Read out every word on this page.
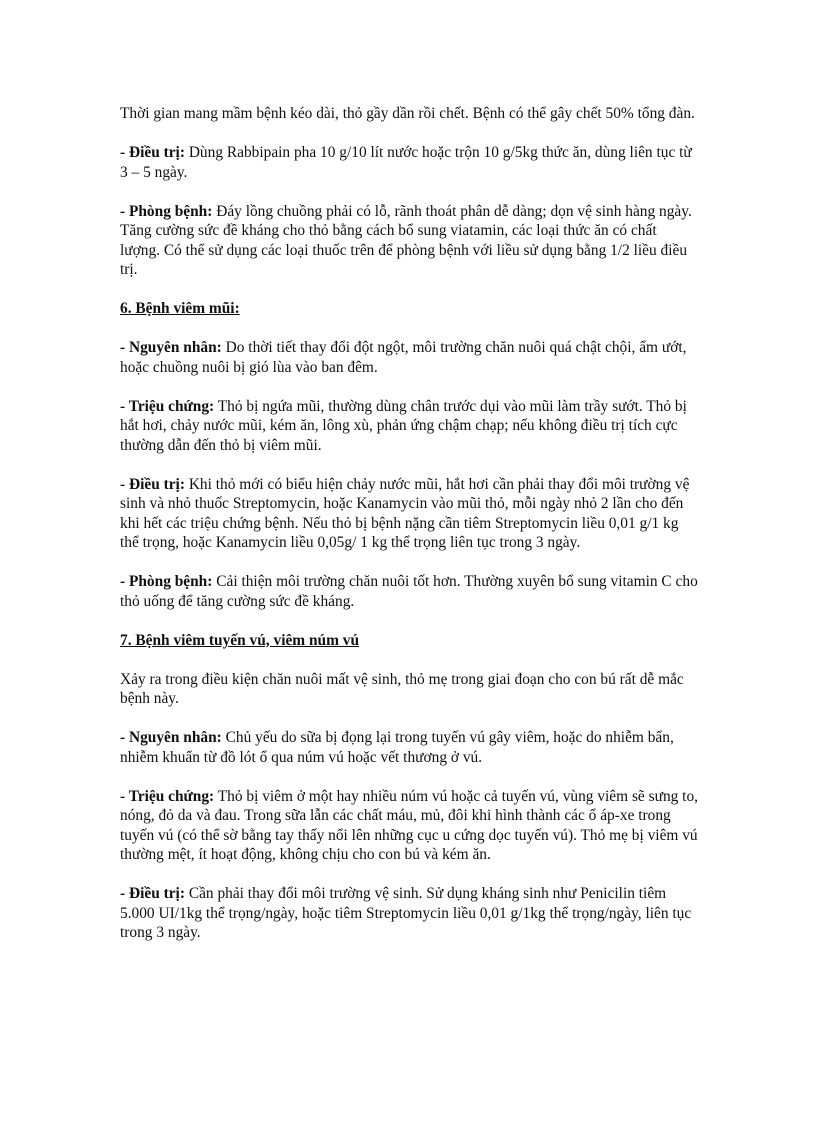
Thời gian mang mầm bệnh kéo dài, thỏ gầy dần rồi chết. Bệnh có thể gây chết 50% tổng đàn.

- Điều trị: Dùng Rabbipain pha 10 g/10 lít nước hoặc trộn 10 g/5kg thức ăn, dùng liên tục từ 3 – 5 ngày.

- Phòng bệnh: Đáy lồng chuồng phải có lỗ, rãnh thoát phân dễ dàng; dọn vệ sinh hàng ngày. Tăng cường sức đề kháng cho thỏ bằng cách bổ sung viatamin, các loại thức ăn có chất lượng. Có thể sử dụng các loại thuốc trên để phòng bệnh với liều sử dụng bằng 1/2 liều điều trị.

6. Bệnh viêm mũi:

- Nguyên nhân: Do thời tiết thay đổi đột ngột, môi trường chăn nuôi quá chật chội, ẩm ướt, hoặc chuồng nuôi bị gió lùa vào ban đêm.

- Triệu chứng: Thỏ bị ngứa mũi, thường dùng chân trước dụi vào mũi làm trầy sướt. Thỏ bị hắt hơi, chảy nước mũi, kém ăn, lông xù, phản ứng chậm chạp; nếu không điều trị tích cực thường dẫn đến thỏ bị viêm mũi.

- Điều trị: Khi thỏ mới có biểu hiện chảy nước mũi, hắt hơi cần phải thay đổi môi trường vệ sinh và nhỏ thuốc Streptomycin, hoặc Kanamycin vào mũi thỏ, mỗi ngày nhỏ 2 lần cho đến khi hết các triệu chứng bệnh. Nếu thỏ bị bệnh nặng cần tiêm Streptomycin liều 0,01 g/1 kg thể trọng, hoặc Kanamycin liều 0,05g/ 1 kg thể trọng liên tục trong 3 ngày.

- Phòng bệnh: Cải thiện môi trường chăn nuôi tốt hơn. Thường xuyên bổ sung vitamin C cho thỏ uống để tăng cường sức đề kháng.

7. Bệnh viêm tuyến vú, viêm núm vú

Xảy ra trong điều kiện chăn nuôi mất vệ sinh, thỏ mẹ trong giai đoạn cho con bú rất dễ mắc bệnh này.

- Nguyên nhân: Chủ yếu do sữa bị đọng lại trong tuyến vú gây viêm, hoặc do nhiễm bẩn, nhiễm khuẩn từ đồ lót ổ qua núm vú hoặc vết thương ở vú.

- Triệu chứng: Thỏ bị viêm ở một hay nhiều núm vú hoặc cả tuyến vú, vùng viêm sẽ sưng to, nóng, đỏ da và đau. Trong sữa lẫn các chất máu, mủ, đôi khi hình thành các ổ áp-xe trong tuyến vú (có thể sờ bằng tay thấy nổi lên những cục u cứng dọc tuyến vú). Thỏ mẹ bị viêm vú thường mệt, ít hoạt động, không chịu cho con bú và kém ăn.

- Điều trị: Cần phải thay đổi môi trường vệ sinh. Sử dụng kháng sinh như Penicilin tiêm 5.000 UI/1kg thể trọng/ngày, hoặc tiêm Streptomycin liều 0,01 g/1kg thể trọng/ngày, liên tục trong 3 ngày.
